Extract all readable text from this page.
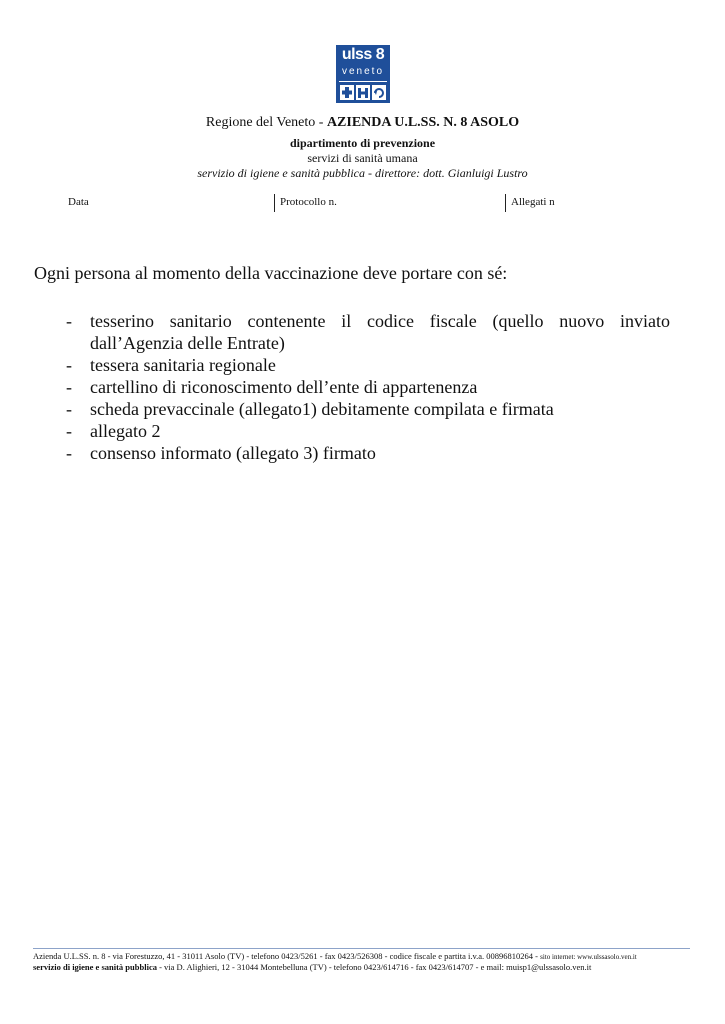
ulss 8
veneto
Regione del Veneto - AZIENDA U.L.SS. N. 8 ASOLO
dipartimento di prevenzione
servizi di sanità umana
servizio di igiene e sanità pubblica - direttore: dott. Gianluigi Lustro
Data	Protocollo n.	Allegati n
Ogni persona al momento della vaccinazione deve portare con sé:
- tesserino sanitario contenente il codice fiscale (quello nuovo inviato dall’Agenzia delle Entrate)
- tessera sanitaria regionale
- cartellino di riconoscimento dell’ente di appartenenza
- scheda prevaccinale (allegato1) debitamente compilata e firmata
- allegato 2
- consenso informato (allegato 3) firmato
Azienda U.L.SS. n. 8 - via Forestuzzo, 41 - 31011 Asolo (TV) - telefono 0423/5261 - fax 0423/526308 - codice fiscale e partita i.v.a. 00896810264 - sito internet: www.ulssasolo.ven.it
servizio di igiene e sanità pubblica - via D. Alighieri, 12 - 31044 Montebelluna (TV) - telefono 0423/614716 - fax 0423/614707 - e mail: muisp1@ulssasolo.ven.it
